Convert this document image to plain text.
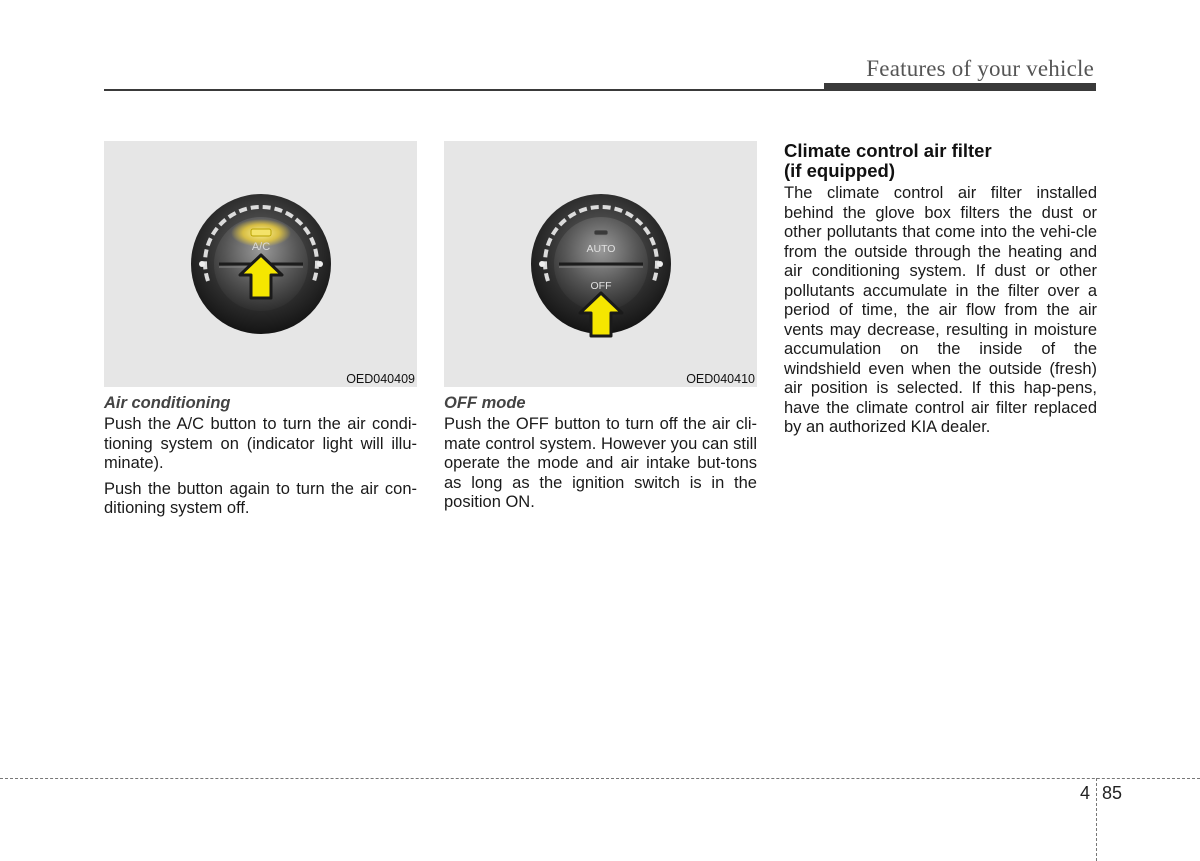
Features of your vehicle
A/C
OED040409
Air conditioning

Push the A/C button to turn the air condi-tioning system on (indicator light will illu-minate).

Push the button again to turn the air con-ditioning system off.

AUTO
OFF
OED040410
OFF mode

Push the OFF button to turn off the air cli-mate control system. However you can still operate the mode and air intake but-tons as long as the ignition switch is in the position ON.

Climate control air filter
(if equipped)

The climate control air filter installed behind the glove box filters the dust or other pollutants that come into the vehi-cle from the outside through the heating and air conditioning system. If dust or other pollutants accumulate in the filter over a period of time, the air flow from the air vents may decrease, resulting in moisture accumulation on the inside of the windshield even when the outside (fresh) air position is selected. If this hap-pens, have the climate control air filter replaced by an authorized KIA dealer.

4 85
